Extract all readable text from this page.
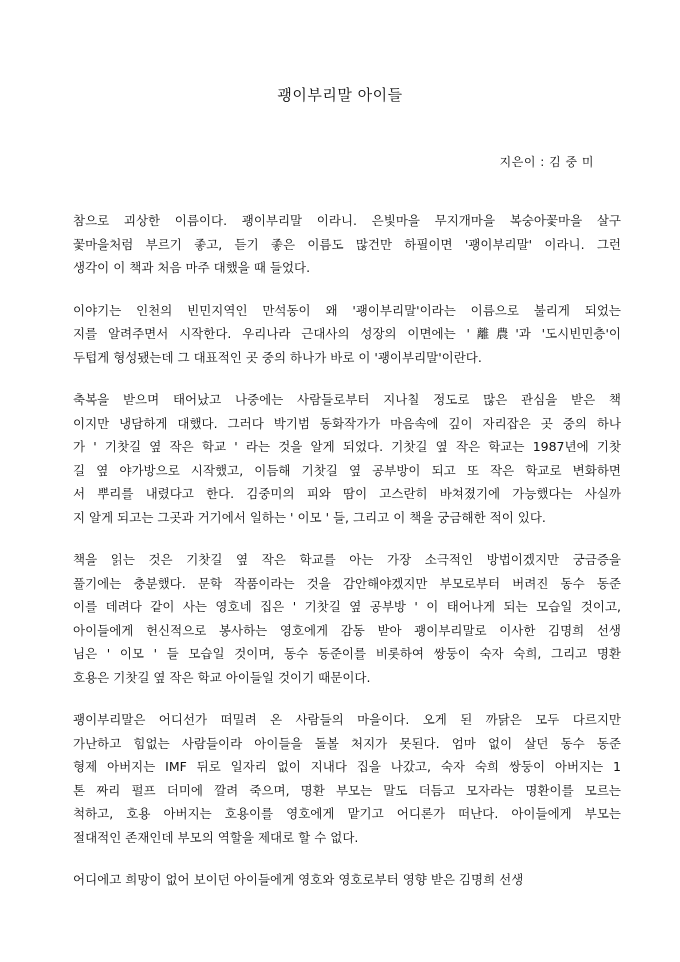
괭이부리말 아이들
지은이 : 김 중 미
참으로 괴상한 이름이다. 괭이부리말 이라니. 은빛마을 무지개마을 복숭아꽃마을 살구
꽃마을처럼 부르기 좋고, 듣기 좋은 이름도 많건만 하필이면 '괭이부리말' 이라니. 그런
생각이 이 책과 처음 마주 대했을 때 들었다.
이야기는 인천의 빈민지역인 만석동이 왜 '괭이부리말'이라는 이름으로 불리게 되었는
지를 알려주면서 시작한다. 우리나라 근대사의 성장의 이면에는 '離農'과 '도시빈민층'이
두텁게 형성됐는데 그 대표적인 곳 중의 하나가 바로 이 '괭이부리말'이란다.
축복을 받으며 태어났고 나중에는 사람들로부터 지나칠 정도로 많은 관심을 받은 책
이지만 냉담하게 대했다. 그러다 박기범 동화작가가 마음속에 깊이 자리잡은 곳 중의 하나
가 ' 기찻길 옆 작은 학교 ' 라는 것을 알게 되었다. 기찻길 옆 작은 학교는 1987년에 기찻
길 옆 야가방으로 시작했고, 이듬해 기찻길 옆 공부방이 되고 또 작은 학교로 변화하면
서 뿌리를 내렸다고 한다. 김중미의 피와 땀이 고스란히 바쳐졌기에 가능했다는 사실까
지 알게 되고는 그곳과 거기에서 일하는 ' 이모 ' 들, 그리고 이 책을 궁금해한 적이 있다.
책을 읽는 것은 기찻길 옆 작은 학교를 아는 가장 소극적인 방법이겠지만 궁금증을
풀기에는 충분했다. 문학 작품이라는 것을 감안해야겠지만 부모로부터 버려진 동수 동준
이를 데려다 같이 사는 영호네 집은 ' 기찻길 옆 공부방 ' 이 태어나게 되는 모습일 것이고,
아이들에게 헌신적으로 봉사하는 영호에게 감동 받아 괭이부리말로 이사한 김명희 선생
님은 ' 이모 ' 들 모습일 것이며, 동수 동준이를 비롯하여 쌍둥이 숙자 숙희, 그리고 명환
호용은 기찻길 옆 작은 학교 아이들일 것이기 때문이다.
괭이부리말은 어디선가 떠밀려 온 사람들의 마을이다. 오게 된 까닭은 모두 다르지만
가난하고 힘없는 사람들이라 아이들을 돌볼 처지가 못된다. 엄마 없이 살던 동수 동준
형제 아버지는 IMF 뒤로 일자리 없이 지내다 집을 나갔고, 숙자 숙희 쌍둥이 아버지는 1
톤 짜리 펄프 더미에 깔려 죽으며, 명환 부모는 말도 더듬고 모자라는 명환이를 모르는
척하고, 호용 아버지는 호용이를 영호에게 맡기고 어디론가 떠난다. 아이들에게 부모는
절대적인 존재인데 부모의 역할을 제대로 할 수 없다.
어디에고 희망이 없어 보이던 아이들에게 영호와 영호로부터 영향 받은 김명희 선생
